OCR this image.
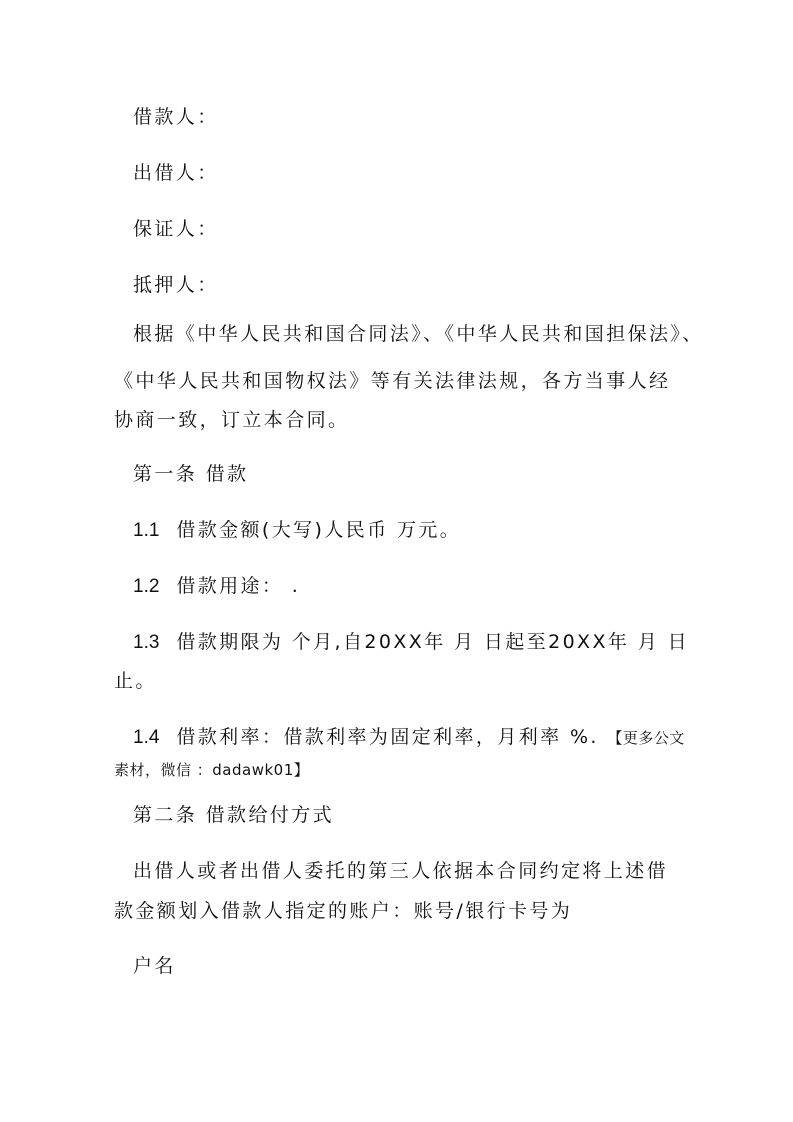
借款人：
出借人：
保证人：
抵押人：
根据《中华人民共和国合同法》、《中华人民共和国担保法》、
《中华人民共和国物权法》等有关法律法规，各方当事人经
协商一致，订立本合同。
第一条 借款
1.1 借款金额(大写)人民币 万元。
1.2 借款用途： .
1.3 借款期限为 个月,自20XX年 月 日起至20XX年 月 日
止。
1.4 借款利率：借款利率为固定利率，月利率 %. 【更多公文
素材，微信 ：dadawk01】
第二条 借款给付方式
出借人或者出借人委托的第三人依据本合同约定将上述借
款金额划入借款人指定的账户：账号/银行卡号为
户名
